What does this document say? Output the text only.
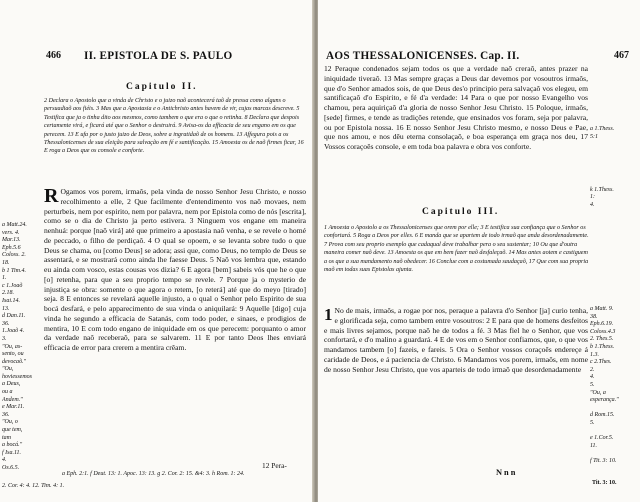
466 II. EPISTOLA DE S. PAULO
Capitulo II.
2 Declara o Apostolo que a vinda de Christo e o juizo naõ acontecerá taõ de pressa como alguns o persuadiaõ aos fiéis. 3 Mas que a Apostasia e o Antichristo antes havem de vir, cujas marcas descreve. 5 Testifica que ja o tinha dito aos mesmos, como tambem o que era o que o retinha. 8 Declara que despois certamente virá, e ficará até que o Senhor o destruirá. 9 Avisa-os da efficacia de seu engano em os que perecem. 13 E ufa por o justo juizo de Deos, sobre a ingratidaõ de os homens. 13 Affegura pois a os Thessalonicenses de sua eleição para salvação em fé e santificação. 15 Amoesta os de naõ firmes ficar, 16 E roga a Deos que os console e conforte.
R Ogamos vos porem, irmaõs, pela vinda de nosso Senhor Jesu Christo, e nosso recolhimento a elle, 2 Que facilmente d'entendimento vos naõ movaes, nem perturbeis, nem por espirito, nem por palavra, nem por Epistola como de nós [escrita], como se o dia de Christo ja perto estivera. 3 Ninguem vos engane em maneira nenhuá: porque [naõ virá] até que primeiro a apostasia naõ venha, e se revele o homé de peccado, o filho de perdiçaõ. 4 O qual se opoem, e se levanta sobre tudo o que Deus se chama, ou [como Deus] se adora; assi que, como Deus, no templo de Deus se assentará, e se mostrará como ainda lhe faesse Deus. 5 Naõ vos lembra que, estando eu ainda com vosco, estas cousas vos dizia? 6 E agora [bem] sabeis vós que he o que [o] retenha, para que a seu proprio tempo se revele. 7 Porque ja o mysterio de injustiça se obra: somente o que agora o retem, [o reterá] até que do meyo [tirado] seja. 8 E entonces se revelará aquelle injusto, a o qual o Senhor pelo Espirito de sua bocá desfará, e pelo apparecimento de sua vinda o aniquilará: 9 Aquelle [digo] cuja vinda he segundo a efficacia de Satanás, com todo poder, e sinaes, e prodigios de mentira, 10 E com todo engano de iniquidade em os que perecem: porquanto o amor da verdade naõ receberaõ, para se salvarem. 11 E por tanto Deos lhes enviará efficacia de error para crerem a mentira crêam.
a Matt.24.
vers. 4.
Mar.13.
Eph.5.6
Coloss. 2.
18.
b 1 Tim.4.
1.
c 1.Joaõ
2.18.
Isai.14.
13.
d Dan.11.
36.
1.Joaõ 4.
3.
"Ou, as-
sento, ou
devocaõ."
"Ou,
hoviessemos
a Deus,
ou a
Andem."
e Mar.11.
36.
"Ou, o
que tem,
tam
a bocá."
f Isa.11.
4.
Os.6.5.	12 Pera-
a Eph. 2:1. f Deut. 13: 1. Apoc. 13: 13. g 2. Cor. 2: 15. &4: 3. h Rom. 1: 24.
2. Cor. 4: 4. 12. Tim. 4: 1.
AOS THESSALONICENSES. Cap. II.	467
12 Peraque condenados sejam todos os que a verdade naõ creraõ, antes prazer na iniquidade tiveraõ. 13 Mas sempre graças a Deus dar devemos por vosoutros irmaõs, que d'o Senhor amados sois, de que Deus des'o principio pera salvaçaõ vos elegeu, em santificaçaõ d'o Espirito, e fé d'a verdade: 14 Para o que por nosso Evangelho vos chamou, pera aquiriçaõ d'a gloria de nosso Senhor Jesu Christo. 15 Poloque, irmaõs, [sede] firmes, e tende as tradições retende, que ensinados vos foram, seja por palavra, ou por Epistola nossa. 16 E nosso Senhor Jesu Christo mesmo, e nosso Deus e Pae, que nos amou, e nos dêu eterna consolaçaõ, e boa esperança em graça nos deu, 17 Vossos coraçoẽs console, e em toda boa palavra e obra vos conforte.
a 1.Thess.
5:1

k 1.Thess.
1:
4.

Capitulo III.
1 Amoesta o Apostolo a os Thessalonicenses que orem por elle; 3 E testifica sua confiança que o Senhor os confortará. 5 Roga a Deos por elles. 6 E manda que se apartem de todo irmaõ que anda desordenadamente. 7 Prova com seu proprio exemplo que cadaqual deve trabalhar pera o seu sustentar; 10 Ou que d'outra maneira comer naõ deve. 13 Amoesta os que em bem fazer naõ desfaleçaõ. 14 Mas antes aotem e castiguem a os que a sua mandamento naõ obedecer. 16 Conclue com a costumada saudaçaõ, 17 Que com sua propria maõ em todas suas Epistolas ajunta.
1 No de mais, irmaõs, a rogae por nos, peraque a palavra d'o Senhor [ja] curio tenha, e glorificada seja, como tambem entre vosoutros: 2 E para que de homens desfeitos e mais livres sejamos, porque naõ he de todos a fé. 3 Mas fiel he o Senhor, que vos confortará, e d'o malino a guardará. 4 E de vos em o Senhor confiamos, que, o que vos mandamos tambem [o] fazeis, e fareis. 5 Ora o Senhor vossos coraçoẽs endereçe á caridade de Deos, e á paciencia de Christo. 6 Mandamos vos porem, irmaõs, em nome de nosso Senhor Jesu Christo, que vos aparteis de todo irmaõ que desordenadamente
a Matt. 9.
38.
Eph.6.19.
Coloss.4.3
2. Thes.5.
b 1.Thess.
1.3.
c 2.Thes.
2.
4.
5.
"Ou, a
esperança."

d Rom.15.
5.

e 1.Cor.5.
11.

f Tit. 3: 10.
Nnn
Tit. 3: 10.
